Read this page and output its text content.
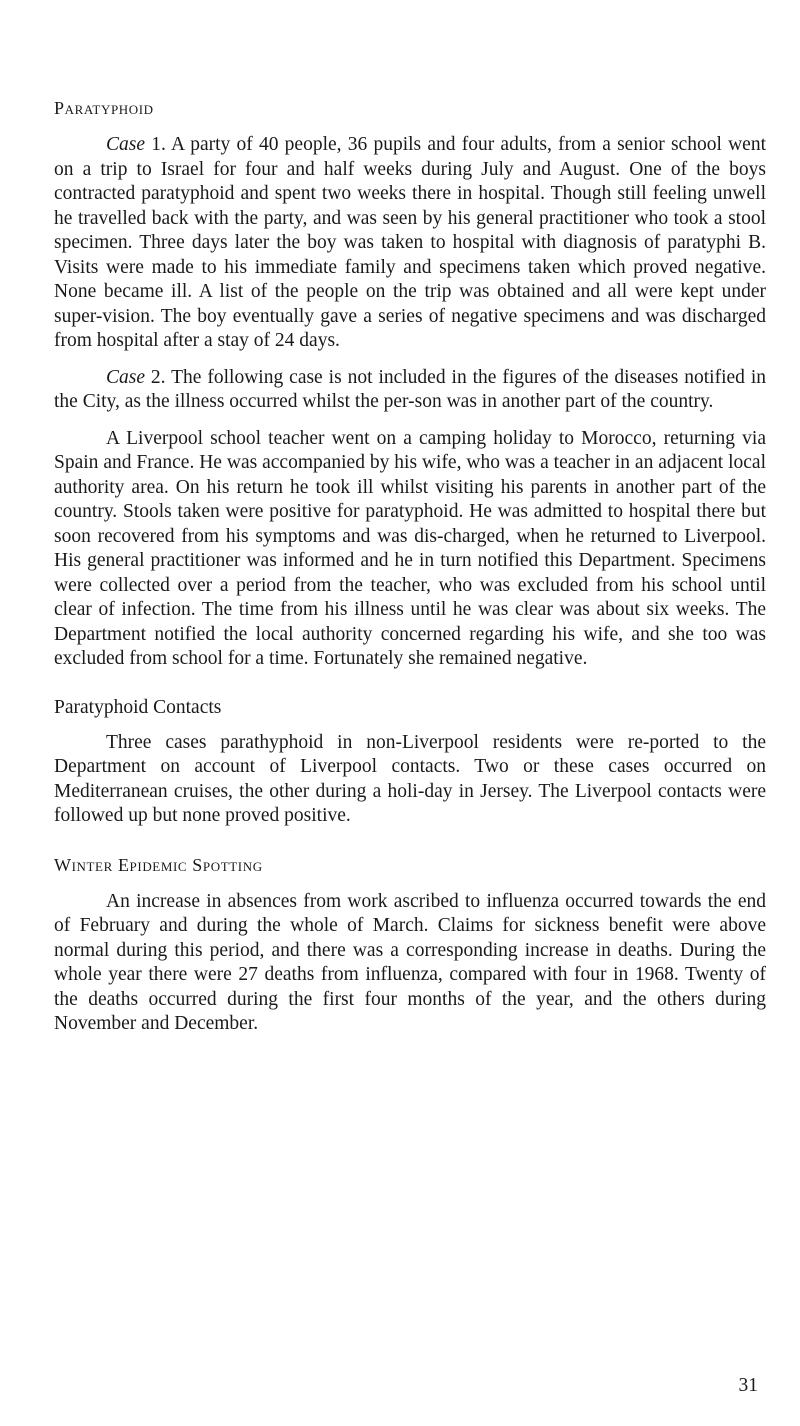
Paratyphoid

Case 1. A party of 40 people, 36 pupils and four adults, from a senior school went on a trip to Israel for four and half weeks during July and August. One of the boys contracted paratyphoid and spent two weeks there in hospital. Though still feeling unwell he travelled back with the party, and was seen by his general practitioner who took a stool specimen. Three days later the boy was taken to hospital with diagnosis of paratyphi B. Visits were made to his immediate family and specimens taken which proved negative. None became ill. A list of the people on the trip was obtained and all were kept under super-vision. The boy eventually gave a series of negative specimens and was discharged from hospital after a stay of 24 days.

Case 2. The following case is not included in the figures of the diseases notified in the City, as the illness occurred whilst the per-son was in another part of the country.

A Liverpool school teacher went on a camping holiday to Morocco, returning via Spain and France. He was accompanied by his wife, who was a teacher in an adjacent local authority area. On his return he took ill whilst visiting his parents in another part of the country. Stools taken were positive for paratyphoid. He was admitted to hospital there but soon recovered from his symptoms and was dis-charged, when he returned to Liverpool. His general practitioner was informed and he in turn notified this Department. Specimens were collected over a period from the teacher, who was excluded from his school until clear of infection. The time from his illness until he was clear was about six weeks. The Department notified the local authority concerned regarding his wife, and she too was excluded from school for a time. Fortunately she remained negative.

Paratyphoid Contacts

Three cases parathyphoid in non-Liverpool residents were re-ported to the Department on account of Liverpool contacts. Two or these cases occurred on Mediterranean cruises, the other during a holi-day in Jersey. The Liverpool contacts were followed up but none proved positive.

Winter Epidemic Spotting

An increase in absences from work ascribed to influenza occurred towards the end of February and during the whole of March. Claims for sickness benefit were above normal during this period, and there was a corresponding increase in deaths. During the whole year there were 27 deaths from influenza, compared with four in 1968. Twenty of the deaths occurred during the first four months of the year, and the others during November and December.

31
